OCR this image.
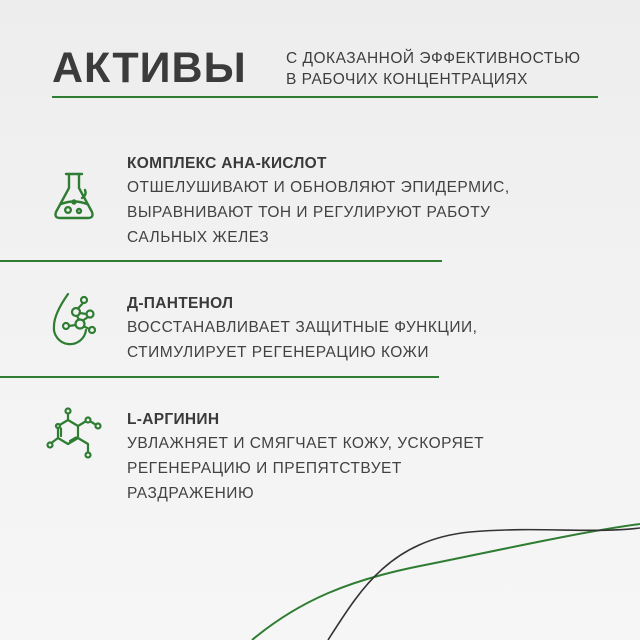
АКТИВЫ	С ДОКАЗАННОЙ ЭФФЕКТИВНОСТЬЮ
В РАБОЧИХ КОНЦЕНТРАЦИЯХ
КОМПЛЕКС АНА-КИСЛОТ
ОТШЕЛУШИВАЮТ И ОБНОВЛЯЮТ ЭПИДЕРМИС,
ВЫРАВНИВАЮТ ТОН И РЕГУЛИРУЮТ РАБОТУ
САЛЬНЫХ ЖЕЛЕЗ
Д-ПАНТЕНОЛ
ВОССТАНАВЛИВАЕТ ЗАЩИТНЫЕ ФУНКЦИИ,
СТИМУЛИРУЕТ РЕГЕНЕРАЦИЮ КОЖИ
L-АРГИНИН
УВЛАЖНЯЕТ И СМЯГЧАЕТ КОЖУ, УСКОРЯЕТ
РЕГЕНЕРАЦИЮ И ПРЕПЯТСТВУЕТ
РАЗДРАЖЕНИЮ
